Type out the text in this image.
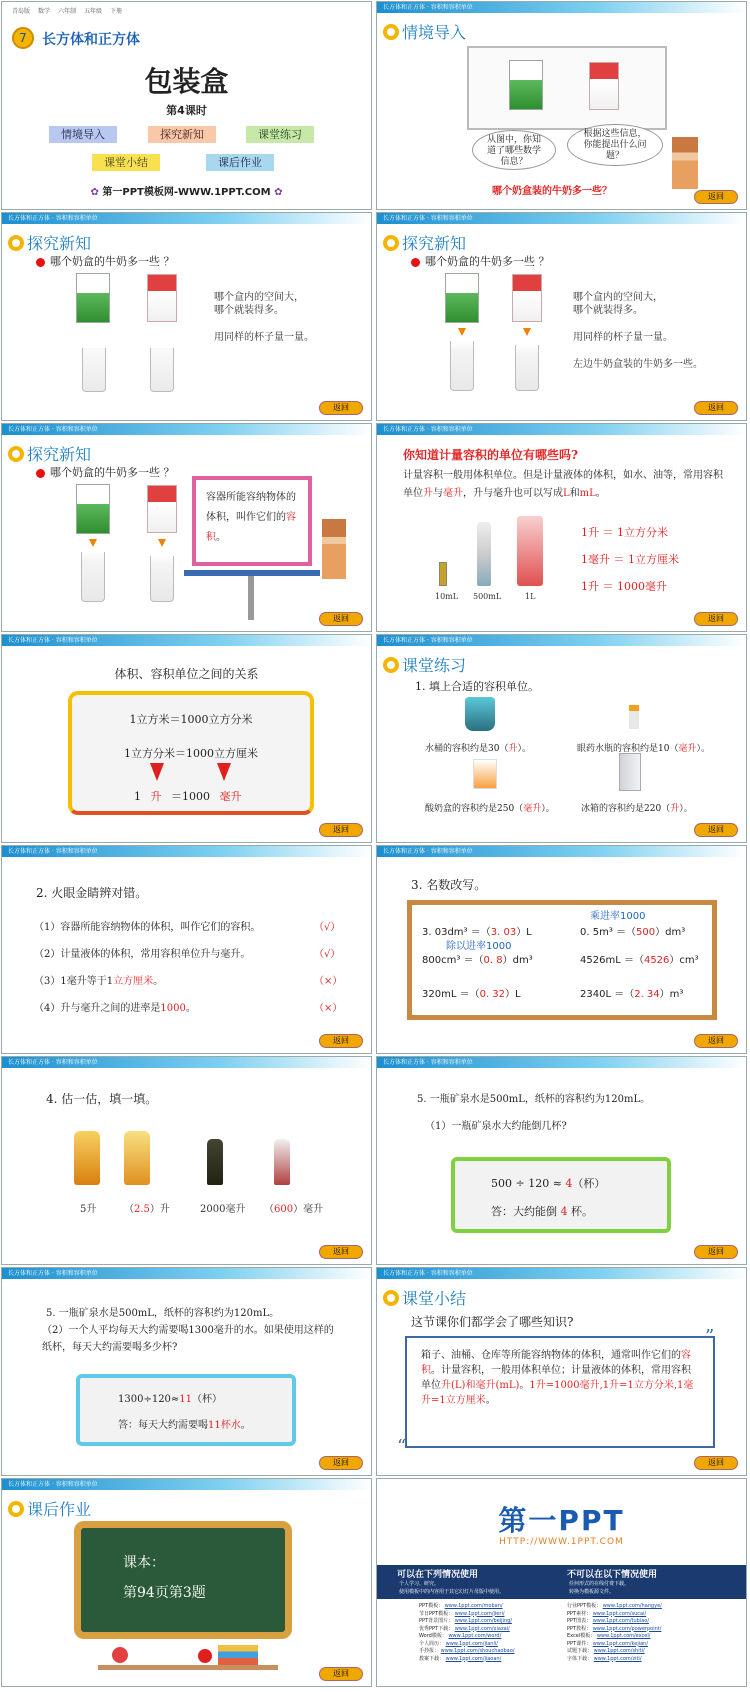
青岛版 数学 六年制 五年级 下册
7	长方体和正方体
包装盒
第4课时
情境导入	探究新知	课堂练习
课堂小结	课后作业
✿ 第一PPT模板网-WWW.1PPT.COM ✿
长方体和正方体 · 容积和容积单位
情境导入
从图中，你知道了哪些数学信息？
根据这些信息，你能提出什么问题？
哪个奶盒装的牛奶多一些？	返回
长方体和正方体 · 容积和容积单位
探究新知
哪个奶盒的牛奶多一些 ？
哪个盒内的空间大，
哪个就装得多。
用同样的杯子量一量。
返回
长方体和正方体 · 容积和容积单位
探究新知
哪个奶盒的牛奶多一些 ？
哪个盒内的空间大，
哪个就装得多。
用同样的杯子量一量。
左边牛奶盒装的牛奶多一些。
返回
长方体和正方体 · 容积和容积单位
探究新知
哪个奶盒的牛奶多一些 ？
容器所能容纳物体的体积，叫作它们的容积。
返回
长方体和正方体 · 容积和容积单位
你知道计量容积的单位有哪些吗?
计量容积一般用体积单位。但是计量液体的体积，如水、油等，常用容积单位升与毫升，升与毫升也可以写成L和mL。
10mL 500mL	1L
1升 ＝ 1立方分米
1毫升 ＝ 1立方厘米
1升 ＝ 1000毫升
返回
长方体和正方体 · 容积和容积单位
体积、容积单位之间的关系
1立方米＝1000立方分米
1立方分米＝1000立方厘米
1 升 ＝1000 毫升
返回
长方体和正方体 · 容积和容积单位
课堂练习
1. 填上合适的容积单位。
水桶的容积约是30（升）。	眼药水瓶的容积约是10（毫升）。
酸奶盒的容积约是250（毫升）。	冰箱的容积约是220（升）。
返回
长方体和正方体 · 容积和容积单位
2. 火眼金睛辨对错。
（1）容器所能容纳物体的体积，叫作它们的容积。	（√）
（2）计量液体的体积，常用容积单位升与毫升。	（√）
（3）1毫升等于1立方厘米。	（×）
（4）升与毫升之间的进率是1000。	（×）
返回
长方体和正方体 · 容积和容积单位
3. 名数改写。
乘进率1000
除以进率1000
3. 03dm³ ＝（3. 03）L	0. 5m³ ＝（500）dm³
800cm³ ＝（0. 8）dm³	4526mL ＝（4526）cm³
320mL ＝（0. 32）L	2340L ＝（2. 34）m³
返回
长方体和正方体 · 容积和容积单位
4. 估一估，填一填。
5升	（2.5）升	2000毫升 （600）毫升
返回
长方体和正方体 · 容积和容积单位
5. 一瓶矿泉水是500mL，纸杯的容积约为120mL。
（1）一瓶矿泉水大约能倒几杯?
500 ÷ 120 ≈ 4（杯）
答：大约能倒 4 杯。
返回
长方体和正方体 · 容积和容积单位
5. 一瓶矿泉水是500mL，纸杯的容积约为120mL。
（2）一个人平均每天大约需要喝1300毫升的水。如果使用这样的纸杯，每天大约需要喝多少杯?
1300÷120≈11（杯）
答：每天大约需要喝11杯水。
返回
长方体和正方体 · 容积和容积单位
课堂小结
这节课你们都学会了哪些知识?
箱子、油桶、仓库等所能容纳物体的体积，通常叫作它们的容积。计量容积，一般用体积单位；计量液体的体积，常用容积单位升(L)和毫升(mL)。1升=1000毫升,1升=1立方分米,1毫升=1立方厘米。
“
”
返回
长方体和正方体 · 容积和容积单位
课后作业
课本：
第94页第3题
返回
第一PPT
HTTP://WWW.1PPT.COM
可以在下列情况使用
个人学习、研究。
使用模板中的内容用于其它幻灯片母版中使用。
不可以在以下情况使用
任何形式的在线付费下载。
转换为模板源文件。
PPT模板： www.1ppt.com/moban/
节日PPT模板： www.1ppt.com/jieri/
PPT背景图片： www.1ppt.com/beijing/
优秀PPT下载： www.1ppt.com/xiazai/
Word模板： www.1ppt.com/word/
个人简历： www.1ppt.com/jianli/
手抄报： www.1ppt.com/shouchaobao/
教案下载： www.1ppt.com/jiaoan/
行业PPT模板： www.1ppt.com/hangye/
PPT素材： www.1ppt.com/sucai/
PPT图表： www.1ppt.com/tubiao/
PPT教程： www.1ppt.com/powerpoint/
Excel模板： www.1ppt.com/excel/
PPT课件： www.1ppt.com/kejian/
试题下载： www.1ppt.com/shiti/
字体下载： www.1ppt.com/ziti/
